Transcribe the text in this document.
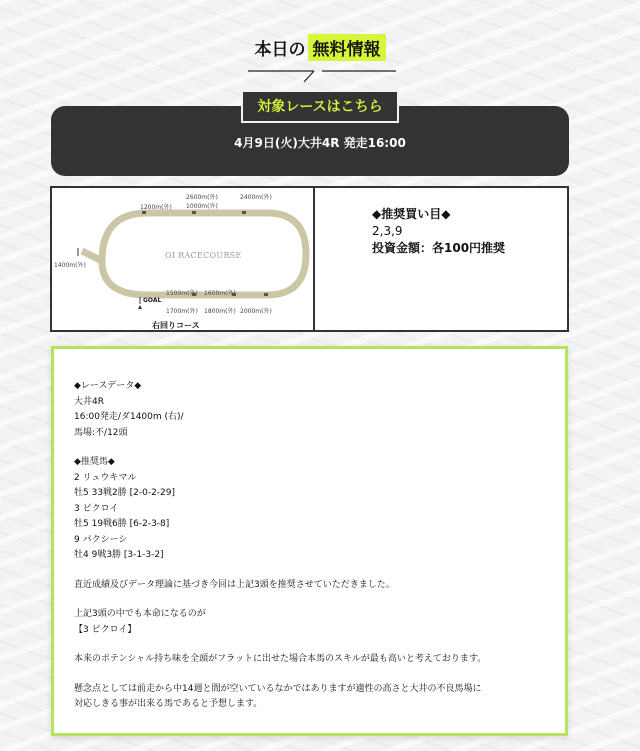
本日の 無料情報
対象レースはこちら
4月9日(火)大井4R 発走16:00
1200m(外)
2600m(外)
1000m(外)
2400m(外)
1400m(外)
1500m(外) 1600m(外)
1700m(外) 1800m(外) 2000m(外)
GOAL
OI RACECOURSE
右回りコース

◆推奨買い目◆

2,3,9

投資金額：各100円推奨

◆レースデータ◆

大井4R

16:00発走/ダ1400m (右)/

馬場:不/12頭

◆推奨馬◆

2 リュウキマル

牡5 33戦2勝 [2-0-2-29]

3 ピクロイ

牡5 19戦6勝 [6-2-3-8]

9 パクシーシ

牡4 9戦3勝 [3-1-3-2]

直近成績及びデータ理論に基づき今回は上記3頭を推奨させていただきました。

上記3頭の中でも本命になるのが

【3 ピクロイ】

本来のポテンシャル持ち味を全頭がフラットに出せた場合本馬のスキルが最も高いと考えております。

懸念点としては前走から中14週と間が空いているなかではありますが適性の高さと大井の不良馬場に

対応しきる事が出来る馬であると予想します。
